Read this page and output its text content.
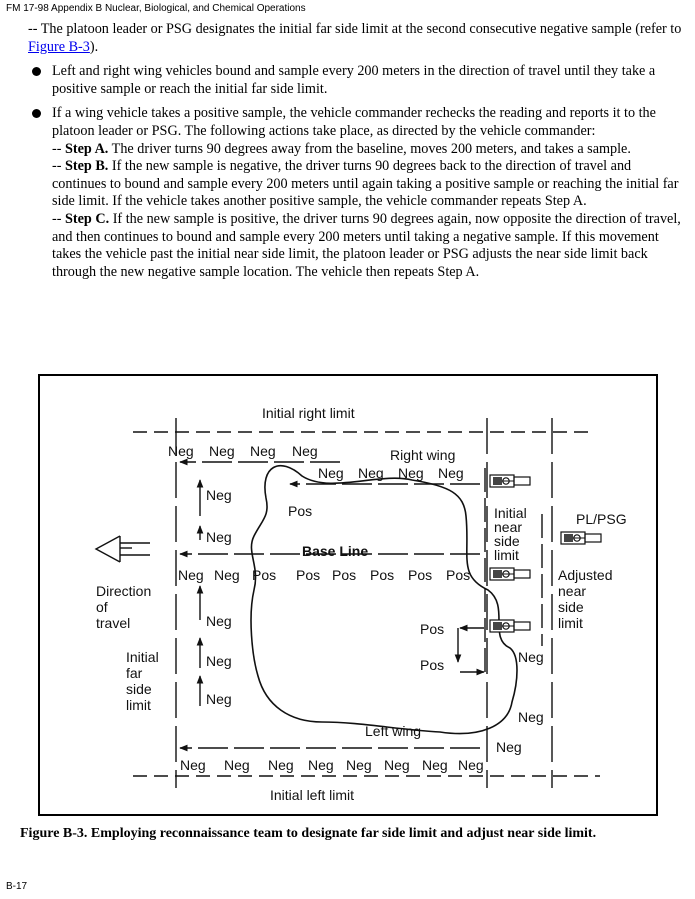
FM 17-98 Appendix B Nuclear, Biological, and Chemical Operations

-- The platoon leader or PSG designates the initial far side limit at the second consecutive negative sample (refer to Figure B-3).

Left and right wing vehicles bound and sample every 200 meters in the direction of travel until they take a positive sample or reach the initial far side limit.

If a wing vehicle takes a positive sample, the vehicle commander rechecks the reading and reports it to the platoon leader or PSG. The following actions take place, as directed by the vehicle commander:

-- Step A. The driver turns 90 degrees away from the baseline, moves 200 meters, and takes a sample.

-- Step B. If the new sample is negative, the driver turns 90 degrees back to the direction of travel and continues to bound and sample every 200 meters until again taking a positive sample or reaching the initial far side limit. If the vehicle takes another positive sample, the vehicle commander repeats Step A.

-- Step C. If the new sample is positive, the driver turns 90 degrees again, now opposite the direction of travel, and then continues to bound and sample every 200 meters until taking a negative sample. If this movement takes the vehicle past the initial near side limit, the platoon leader or PSG adjusts the near side limit back through the new negative sample location. The vehicle then repeats Step A.

Initial right limit
Initial left limit
Right wing
Left wing
Base Line
PL/PSG
Neg Neg Neg Neg
Neg Neg Neg Neg
Neg
Neg
Neg Neg
Pos
Pos Pos Pos Pos Pos Pos
Neg
Neg
Neg
Pos
Pos	Neg
Neg
Neg
Neg Neg Neg Neg Neg Neg Neg Neg
Direction
of
travel
Initial
far
side
limit
Initial
near
side
limit
Adjusted
near
side
limit
Figure B-3. Employing reconnaissance team to designate far side limit and adjust near side limit.
B-17
